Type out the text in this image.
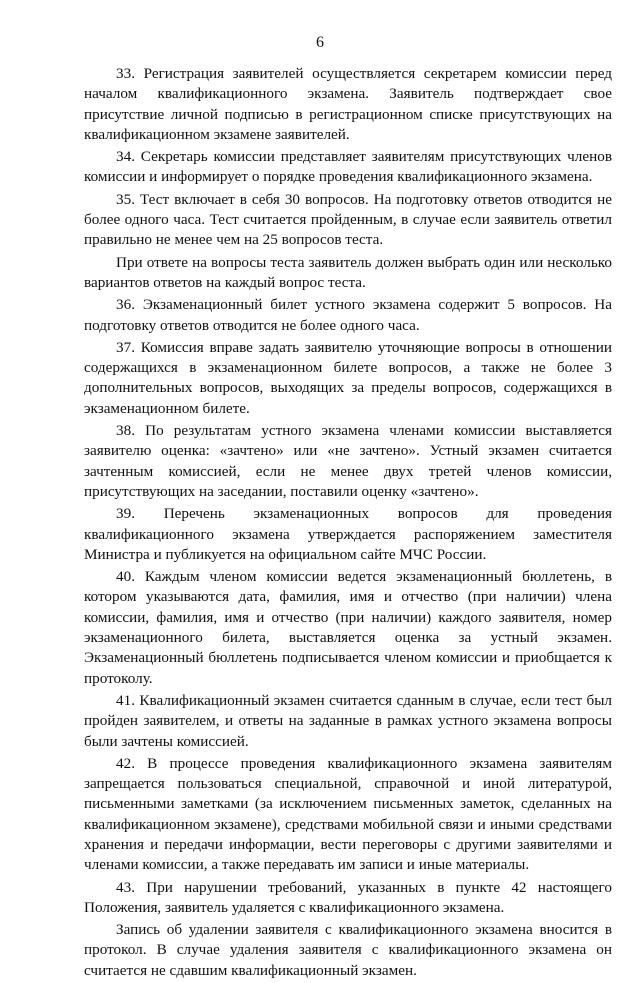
6

33. Регистрация заявителей осуществляется секретарем комиссии перед началом квалификационного экзамена. Заявитель подтверждает свое присутствие личной подписью в регистрационном списке присутствующих на квалификационном экзамене заявителей.

34. Секретарь комиссии представляет заявителям присутствующих членов комиссии и информирует о порядке проведения квалификационного экзамена.

35. Тест включает в себя 30 вопросов. На подготовку ответов отводится не более одного часа. Тест считается пройденным, в случае если заявитель ответил правильно не менее чем на 25 вопросов теста.

При ответе на вопросы теста заявитель должен выбрать один или несколько вариантов ответов на каждый вопрос теста.

36. Экзаменационный билет устного экзамена содержит 5 вопросов. На подготовку ответов отводится не более одного часа.

37. Комиссия вправе задать заявителю уточняющие вопросы в отношении содержащихся в экзаменационном билете вопросов, а также не более 3 дополнительных вопросов, выходящих за пределы вопросов, содержащихся в экзаменационном билете.

38. По результатам устного экзамена членами комиссии выставляется заявителю оценка: «зачтено» или «не зачтено». Устный экзамен считается зачтенным комиссией, если не менее двух третей членов комиссии, присутствующих на заседании, поставили оценку «зачтено».

39. Перечень экзаменационных вопросов для проведения квалификационного экзамена утверждается распоряжением заместителя Министра и публикуется на официальном сайте МЧС России.

40. Каждым членом комиссии ведется экзаменационный бюллетень, в котором указываются дата, фамилия, имя и отчество (при наличии) члена комиссии, фамилия, имя и отчество (при наличии) каждого заявителя, номер экзаменационного билета, выставляется оценка за устный экзамен. Экзаменационный бюллетень подписывается членом комиссии и приобщается к протоколу.

41. Квалификационный экзамен считается сданным в случае, если тест был пройден заявителем, и ответы на заданные в рамках устного экзамена вопросы были зачтены комиссией.

42. В процессе проведения квалификационного экзамена заявителям запрещается пользоваться специальной, справочной и иной литературой, письменными заметками (за исключением письменных заметок, сделанных на квалификационном экзамене), средствами мобильной связи и иными средствами хранения и передачи информации, вести переговоры с другими заявителями и членами комиссии, а также передавать им записи и иные материалы.

43. При нарушении требований, указанных в пункте 42 настоящего Положения, заявитель удаляется с квалификационного экзамена.

Запись об удалении заявителя с квалификационного экзамена вносится в протокол. В случае удаления заявителя с квалификационного экзамена он считается не сдавшим квалификационный экзамен.
